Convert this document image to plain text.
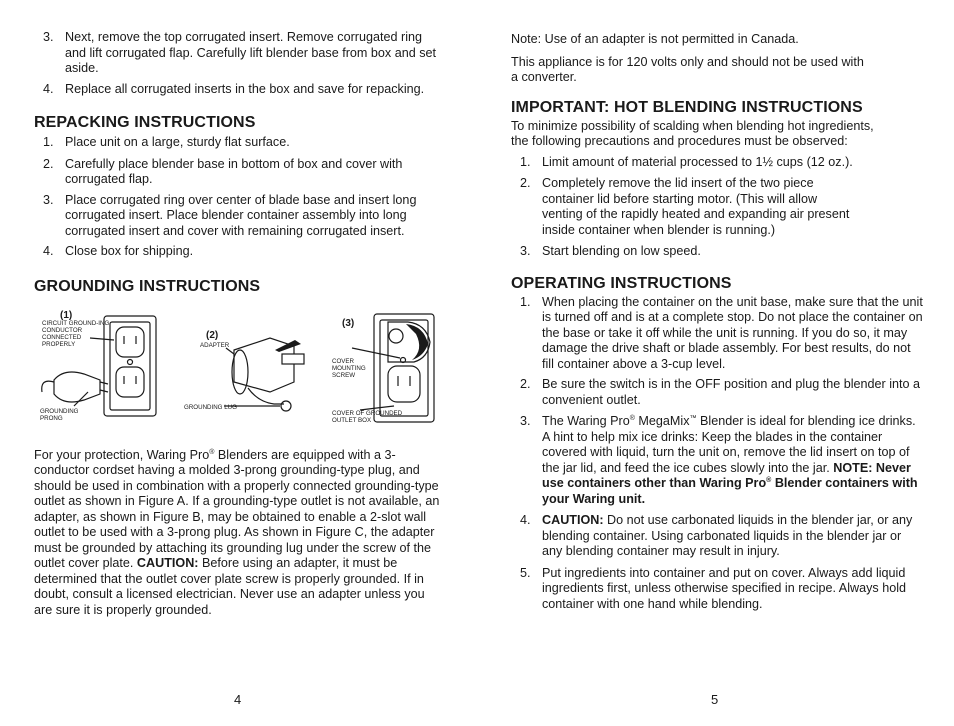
3. Next, remove the top corrugated insert. Remove corrugated ring and lift corrugated flap. Carefully lift blender base from box and set aside.
4. Replace all corrugated inserts in the box and save for repacking.
REPACKING INSTRUCTIONS
1. Place unit on a large, sturdy flat surface.
2. Carefully place blender base in bottom of box and cover with corrugated flap.
3. Place corrugated ring over center of blade base and insert long corrugated insert. Place blender container assembly into long corrugated insert and cover with remaining corrugated insert.
4. Close box for shipping.
GROUNDING INSTRUCTIONS
(1)
CIRCUIT GROUND-ING CONDUCTOR CONNECTED PROPERLY
GROUNDING PRONG
(2)
ADAPTER
GROUNDING LUG
(3)
COVER MOUNTING SCREW
COVER OF GROUNDED OUTLET BOX

For your protection, Waring Pro® Blenders are equipped with a 3-conductor cordset having a molded 3-prong grounding-type plug, and should be used in combination with a properly connected grounding-type outlet as shown in Figure A. If a grounding-type outlet is not available, an adapter, as shown in Figure B, may be obtained to enable a 2-slot wall outlet to be used with a 3-prong plug. As shown in Figure C, the adapter must be grounded by attaching its grounding lug under the screw of the outlet cover plate. CAUTION: Before using an adapter, it must be determined that the outlet cover plate screw is properly grounded. If in doubt, consult a licensed electrician. Never use an adapter unless you are sure it is properly grounded.

4

Note: Use of an adapter is not permitted in Canada.

This appliance is for 120 volts only and should not be used with a converter.

IMPORTANT: HOT BLENDING INSTRUCTIONS

To minimize possibility of scalding when blending hot ingredients, the following precautions and procedures must be observed:

1. Limit amount of material processed to 1½ cups (12 oz.).
2. Completely remove the lid insert of the two piece container lid before starting motor. (This will allow venting of the rapidly heated and expanding air present inside container when blender is running.)
3. Start blending on low speed.
OPERATING INSTRUCTIONS
1. When placing the container on the unit base, make sure that the unit is turned off and is at a complete stop. Do not place the container on the base or take it off while the unit is running. If you do so, it may damage the drive shaft or blade assembly. For best results, do not fill container above a 3-cup level.
2. Be sure the switch is in the OFF position and plug the blender into a convenient outlet.
3. The Waring Pro® MegaMix™ Blender is ideal for blending ice drinks. A hint to help mix ice drinks: Keep the blades in the container covered with liquid, turn the unit on, remove the lid insert on top of the jar lid, and feed the ice cubes slowly into the jar. NOTE: Never use containers other than Waring Pro® Blender containers with your Waring unit.
4. CAUTION: Do not use carbonated liquids in the blender jar, or any blending container. Using carbonated liquids in the blender jar or any blending container may result in injury.
5. Put ingredients into container and put on cover. Always add liquid ingredients first, unless otherwise specified in recipe. Always hold container with one hand while blending.
5
